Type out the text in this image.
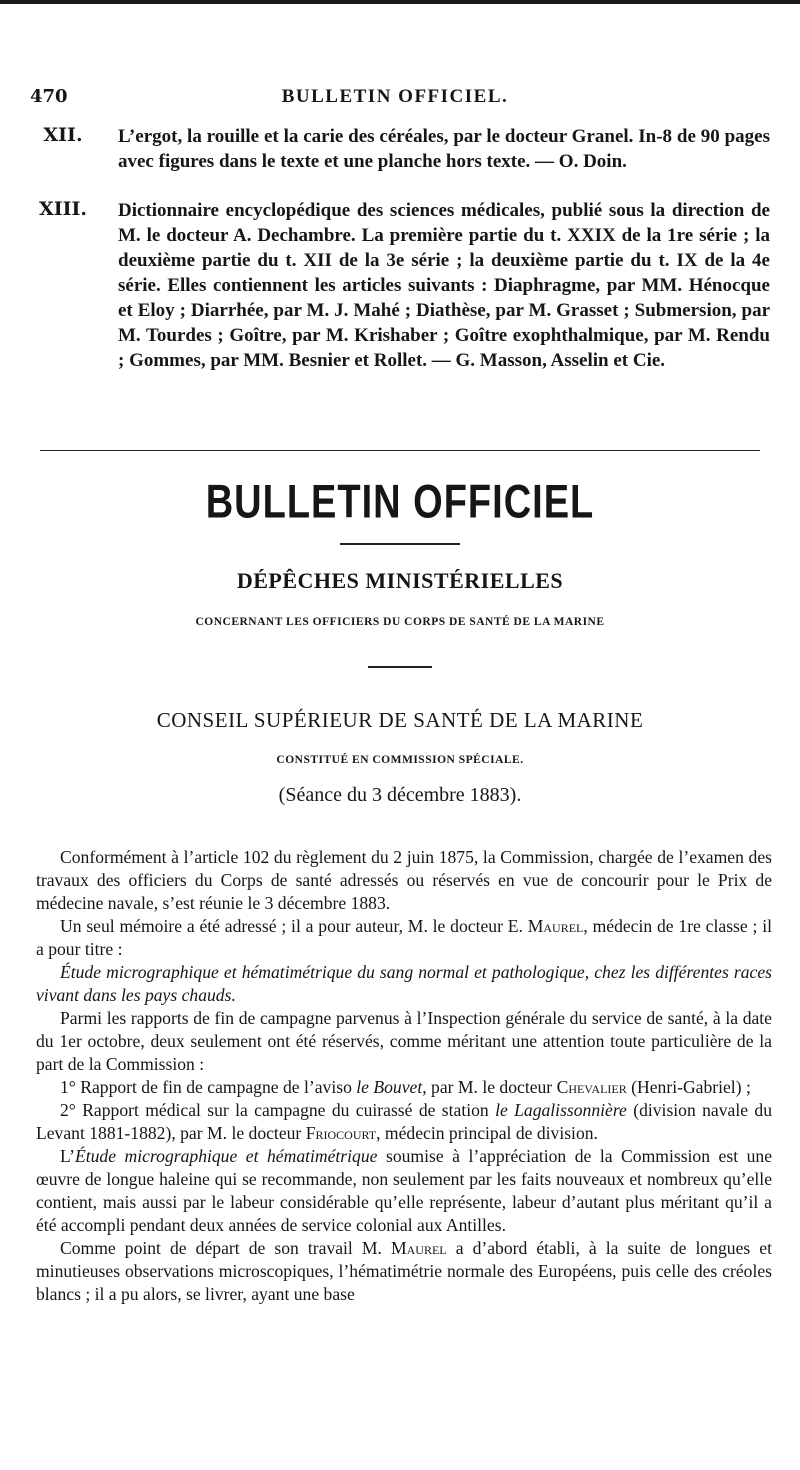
470	BULLETIN OFFICIEL.
XII.	L’ergot, la rouille et la carie des céréales, par le docteur Granel. In-8 de 90 pages avec figures dans le texte et une planche hors texte. — O. Doin.
XIII.	Dictionnaire encyclopédique des sciences médicales, publié sous la direction de M. le docteur A. Dechambre. La première partie du t. XXIX de la 1re série ; la deuxième partie du t. XII de la 3e série ; la deuxième partie du t. IX de la 4e série. Elles contiennent les articles suivants : Diaphragme, par MM. Hénocque et Eloy ; Diarrhée, par M. J. Mahé ; Diathèse, par M. Grasset ; Submersion, par M. Tourdes ; Goître, par M. Krishaber ; Goître exophthalmique, par M. Rendu ; Gommes, par MM. Besnier et Rollet. — G. Masson, Asselin et Cie.
BULLETIN OFFICIEL
DÉPÊCHES MINISTÉRIELLES
CONCERNANT LES OFFICIERS DU CORPS DE SANTÉ DE LA MARINE
CONSEIL SUPÉRIEUR DE SANTÉ DE LA MARINE
CONSTITUÉ EN COMMISSION SPÉCIALE.
(Séance du 3 décembre 1883).

Conformément à l’article 102 du règlement du 2 juin 1875, la Commission, chargée de l’examen des travaux des officiers du Corps de santé adressés ou réservés en vue de concourir pour le Prix de médecine navale, s’est réunie le 3 décembre 1883.

Un seul mémoire a été adressé ; il a pour auteur, M. le docteur E. Maurel, médecin de 1re classe ; il a pour titre :

Étude micrographique et hématimétrique du sang normal et pathologique, chez les différentes races vivant dans les pays chauds.

Parmi les rapports de fin de campagne parvenus à l’Inspection générale du service de santé, à la date du 1er octobre, deux seulement ont été réservés, comme méritant une attention toute particulière de la part de la Commission :

1° Rapport de fin de campagne de l’aviso le Bouvet, par M. le docteur Chevalier (Henri-Gabriel) ;

2° Rapport médical sur la campagne du cuirassé de station le Lagalissonnière (division navale du Levant 1881-1882), par M. le docteur Friocourt, médecin principal de division.

L’Étude micrographique et hématimétrique soumise à l’appréciation de la Commission est une œuvre de longue haleine qui se recommande, non seulement par les faits nouveaux et nombreux qu’elle contient, mais aussi par le labeur considérable qu’elle représente, labeur d’autant plus méritant qu’il a été accompli pendant deux années de service colonial aux Antilles.

Comme point de départ de son travail M. Maurel a d’abord établi, à la suite de longues et minutieuses observations microscopiques, l’hématimétrie normale des Européens, puis celle des créoles blancs ; il a pu alors, se livrer, ayant une base
